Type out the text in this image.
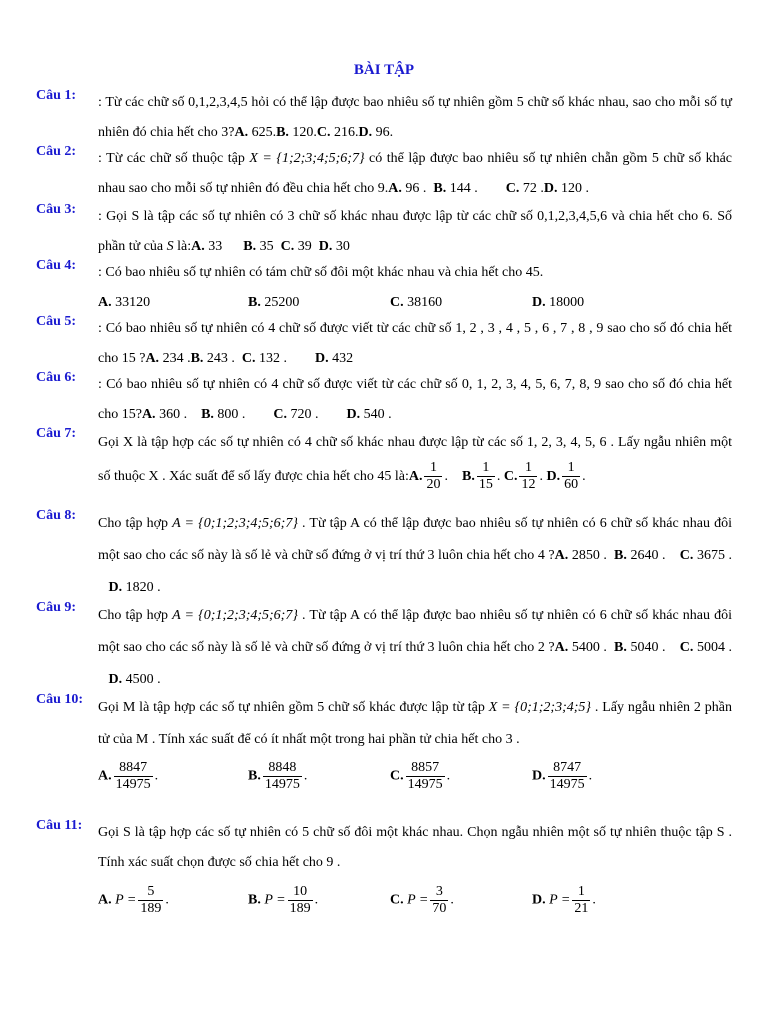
BÀI TẬP
Câu 1:	: Từ các chữ số 0,1,2,3,4,5 hỏi có thể lập được bao nhiêu số tự nhiên gồm 5 chữ số khác nhau, sao cho mỗi số tự nhiên đó chia hết cho 3?A. 625.B. 120.C. 216.D. 96.
Câu 2:	: Từ các chữ số thuộc tập X = {1;2;3;4;5;6;7} có thể lập được bao nhiêu số tự nhiên chẵn gồm 5 chữ số khác nhau sao cho mỗi số tự nhiên đó đều chia hết cho 9.A. 96 . B. 144 . C. 72 .D. 120 .
Câu 3:	: Gọi S là tập các số tự nhiên có 3 chữ số khác nhau được lập từ các chữ số 0,1,2,3,4,5,6 và chia hết cho 6. Số phần tử của S là:A. 33 B. 35 C. 39 D. 30
Câu 4:	: Có bao nhiêu số tự nhiên có tám chữ số đôi một khác nhau và chia hết cho 45.
A. 33120	B. 25200	C. 38160	D. 18000
Câu 5:	: Có bao nhiêu số tự nhiên có 4 chữ số được viết từ các chữ số 1, 2 , 3 , 4 , 5 , 6 , 7 , 8 , 9 sao cho số đó chia hết cho 15 ?A. 234 .B. 243 . C. 132 . D. 432
Câu 6:	: Có bao nhiêu số tự nhiên có 4 chữ số được viết từ các chữ số 0, 1, 2, 3, 4, 5, 6, 7, 8, 9 sao cho số đó chia hết cho 15?A. 360 . B. 800 . C. 720 . D. 540 .
Câu 7:
Gọi X là tập hợp các số tự nhiên có 4 chữ số khác nhau được lập từ các số 1, 2, 3, 4, 5, 6 . Lấy ngẫu nhiên một số thuộc X . Xác suất để số lấy được chia hết cho 45 là:A. $\frac{1}{20}$ .    B. $\frac{1}{15}$ . C. $\frac{1}{12}$ . D. $\frac{1}{60}$ .
Câu 8:
Cho tập hợp A = {0;1;2;3;4;5;6;7} . Từ tập A có thể lập được bao nhiêu số tự nhiên có 6 chữ số khác nhau đôi một sao cho các số này là số lẻ và chữ số đứng ở vị trí thứ 3 luôn chia hết cho 4 ?A. 2850 . B. 2640 . C. 3675 .    D. 1820 .
Câu 9:
Cho tập hợp A = {0;1;2;3;4;5;6;7} . Từ tập A có thể lập được bao nhiêu số tự nhiên có 6 chữ số khác nhau đôi một sao cho các số này là số lẻ và chữ số đứng ở vị trí thứ 3 luôn chia hết cho 2 ?A. 5400 . B. 5040 . C. 5004 .    D. 4500 .
Câu 10:
Gọi M là tập hợp các số tự nhiên gồm 5 chữ số khác được lập từ tập X = {0;1;2;3;4;5} . Lấy ngẫu nhiên 2 phần tử của M . Tính xác suất để có ít nhất một trong hai phần tử chia hết cho 3 .
A. $\frac{8847}{14975}$ .	B. $\frac{8848}{14975}$ .	C. $\frac{8857}{14975}$ .	D. $\frac{8747}{14975}$ .
Câu 11:	Gọi S là tập hợp các số tự nhiên có 5 chữ số đôi một khác nhau. Chọn ngẫu nhiên một số tự nhiên thuộc tập S . Tính xác suất chọn được số chia hết cho 9 .
A. $P = \frac{5}{189}$ .	B. $P = \frac{10}{189}$ .	C. $P = \frac{3}{70}$ .	D. $P = \frac{1}{21}$ .
